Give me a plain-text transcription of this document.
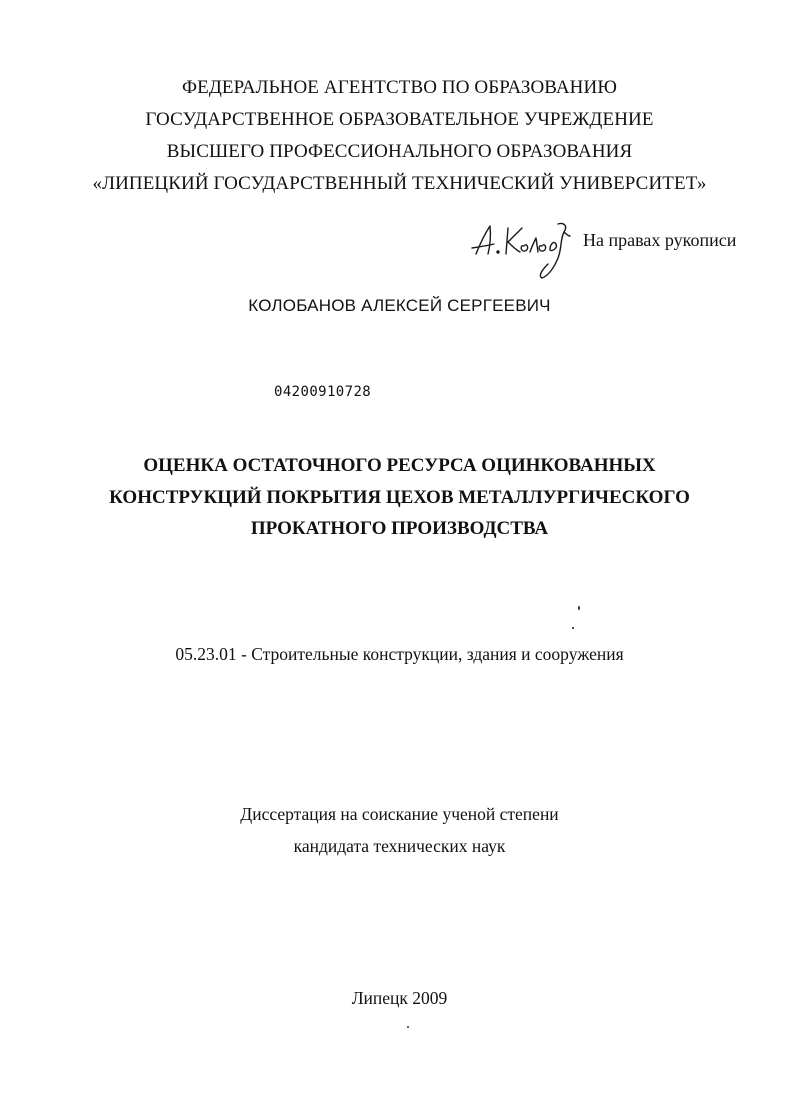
ФЕДЕРАЛЬНОЕ АГЕНТСТВО ПО ОБРАЗОВАНИЮ
ГОСУДАРСТВЕННОЕ ОБРАЗОВАТЕЛЬНОЕ УЧРЕЖДЕНИЕ
ВЫСШЕГО ПРОФЕССИОНАЛЬНОГО ОБРАЗОВАНИЯ
«ЛИПЕЦКИЙ ГОСУДАРСТВЕННЫЙ ТЕХНИЧЕСКИЙ УНИВЕРСИТЕТ»
На правах рукописи
КОЛОБАНОВ АЛЕКСЕЙ СЕРГЕЕВИЧ
04200910728
ОЦЕНКА ОСТАТОЧНОГО РЕСУРСА ОЦИНКОВАННЫХ
КОНСТРУКЦИЙ ПОКРЫТИЯ ЦЕХОВ МЕТАЛЛУРГИЧЕСКОГО
ПРОКАТНОГО ПРОИЗВОДСТВА
05.23.01 - Строительные конструкции, здания и сооружения
Диссертация на соискание ученой степени
кандидата технических наук
Липецк 2009
